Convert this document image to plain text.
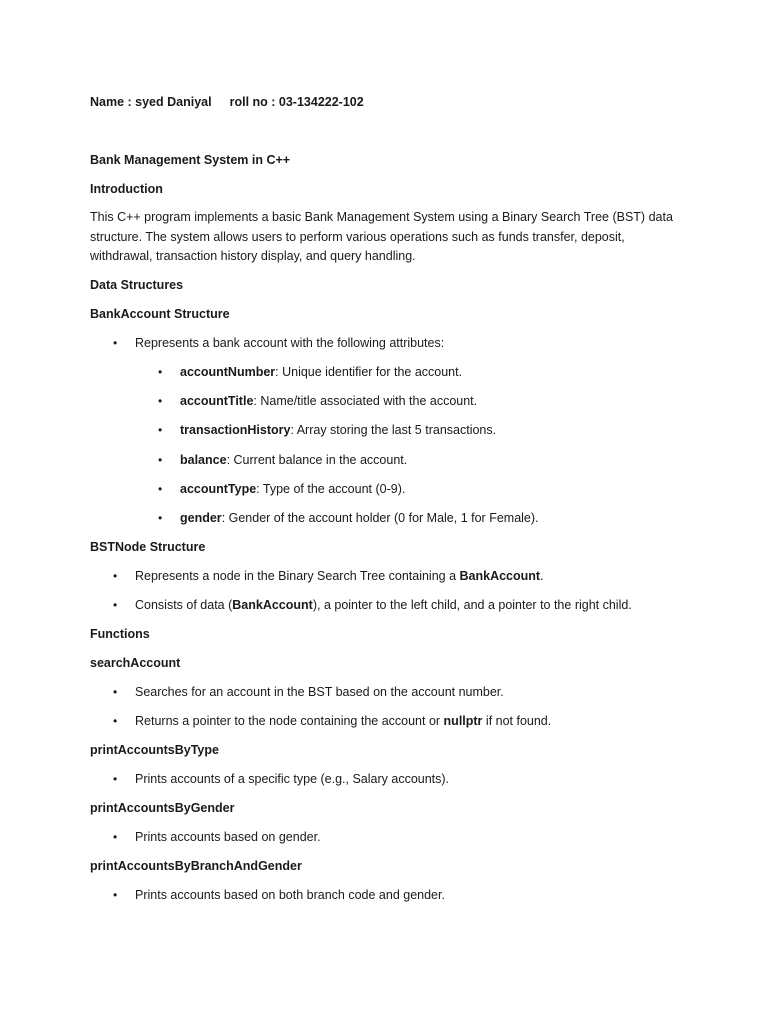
Name : syed Daniyal roll no : 03-134222-102
Bank Management System in C++
Introduction
This C++ program implements a basic Bank Management System using a Binary Search Tree (BST) data structure. The system allows users to perform various operations such as funds transfer, deposit, withdrawal, transaction history display, and query handling.
Data Structures
BankAccount Structure
• Represents a bank account with the following attributes:
• accountNumber: Unique identifier for the account.
• accountTitle: Name/title associated with the account.
• transactionHistory: Array storing the last 5 transactions.
• balance: Current balance in the account.
• accountType: Type of the account (0-9).
• gender: Gender of the account holder (0 for Male, 1 for Female).
BSTNode Structure
• Represents a node in the Binary Search Tree containing a BankAccount.
• Consists of data (BankAccount), a pointer to the left child, and a pointer to the right child.
Functions
searchAccount
• Searches for an account in the BST based on the account number.
• Returns a pointer to the node containing the account or nullptr if not found.
printAccountsByType
• Prints accounts of a specific type (e.g., Salary accounts).
printAccountsByGender
• Prints accounts based on gender.
printAccountsByBranchAndGender
• Prints accounts based on both branch code and gender.
